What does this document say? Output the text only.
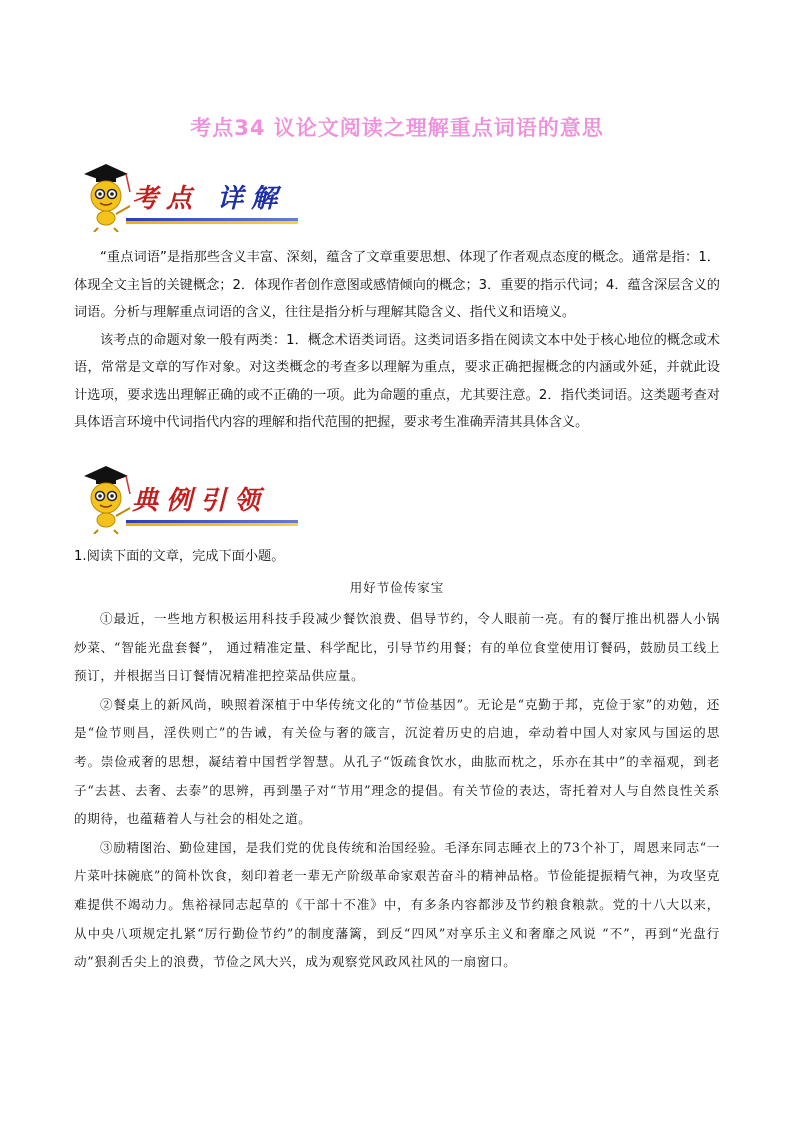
考点34 议论文阅读之理解重点词语的意思
考点 详解

“重点词语”是指那些含义丰富、深刻，蕴含了文章重要思想、体现了作者观点态度的概念。通常是指：1．体现全文主旨的关键概念；2．体现作者创作意图或感情倾向的概念；3．重要的指示代词；4．蕴含深层含义的词语。分析与理解重点词语的含义，往往是指分析与理解其隐含义、指代义和语境义。

该考点的命题对象一般有两类：1．概念术语类词语。这类词语多指在阅读文本中处于核心地位的概念或术语，常常是文章的写作对象。对这类概念的考查多以理解为重点，要求正确把握概念的内涵或外延，并就此设计选项，要求选出理解正确的或不正确的一项。此为命题的重点，尤其要注意。2．指代类词语。这类题考查对具体语言环境中代词指代内容的理解和指代范围的把握，要求考生准确弄清其具体含义。

典例引领
1.阅读下面的文章，完成下面小题。
用好节俭传家宝

①最近，一些地方积极运用科技手段减少餐饮浪费、倡导节约，令人眼前一亮。有的餐厅推出机器人小锅炒菜、“智能光盘套餐”， 通过精准定量、科学配比，引导节约用餐；有的单位食堂使用订餐码，鼓励员工线上预订，并根据当日订餐情况精准把控菜品供应量。

②餐桌上的新风尚，映照着深植于中华传统文化的“节俭基因”。无论是“克勤于邦，克俭于家”的劝勉，还是“俭节则昌，淫佚则亡”的告诫，有关俭与奢的箴言，沉淀着历史的启迪，牵动着中国人对家风与国运的思考。崇俭戒奢的思想，凝结着中国哲学智慧。从孔子“饭疏食饮水，曲肱而枕之，乐亦在其中”的幸福观，到老子“去甚、去奢、去泰”的思辨，再到墨子对“节用”理念的提倡。有关节俭的表达，寄托着对人与自然良性关系的期待，也蕴藉着人与社会的相处之道。

③励精图治、勤俭建国，是我们党的优良传统和治国经验。毛泽东同志睡衣上的73个补丁，周恩来同志“一片菜叶抹碗底”的简朴饮食，刻印着老一辈无产阶级革命家艰苦奋斗的精神品格。节俭能提振精气神，为攻坚克难提供不竭动力。焦裕禄同志起草的《干部十不准》中，有多条内容都涉及节约粮食粮款。党的十八大以来，从中央八项规定扎紧“厉行勤俭节约”的制度藩篱，到反“四风”对享乐主义和奢靡之风说 “不”，再到“光盘行动”狠刹舌尖上的浪费，节俭之风大兴，成为观察党风政风社风的一扇窗口。
